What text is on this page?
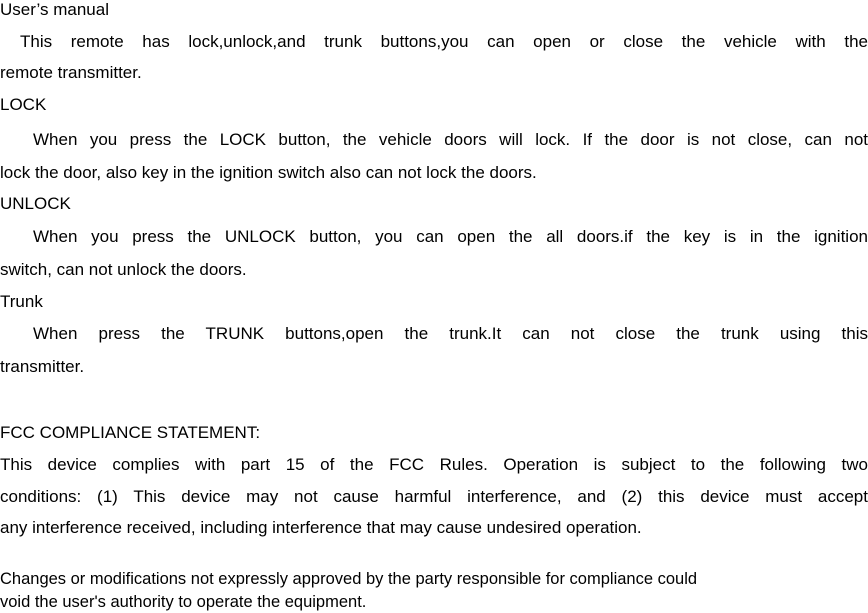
User’s manual
This remote has lock,unlock,and trunk buttons,you can open or close the vehicle with the
remote transmitter.
LOCK
When you press the LOCK button, the vehicle doors will lock. If the door is not close, can not
lock the door, also key in the ignition switch also can not lock the doors.
UNLOCK
When you press the UNLOCK button, you can open the all doors.if the key is in the ignition
switch, can not unlock the doors.
Trunk
When press the TRUNK buttons,open the trunk.It can not close the trunk using this
transmitter.
FCC COMPLIANCE STATEMENT:
This device complies with part 15 of the FCC Rules. Operation is subject to the following two
conditions: (1) This device may not cause harmful interference, and (2) this device must accept
any interference received, including interference that may cause undesired operation.
Changes or modifications not expressly approved by the party responsible for compliance could
void the user's authority to operate the equipment.
